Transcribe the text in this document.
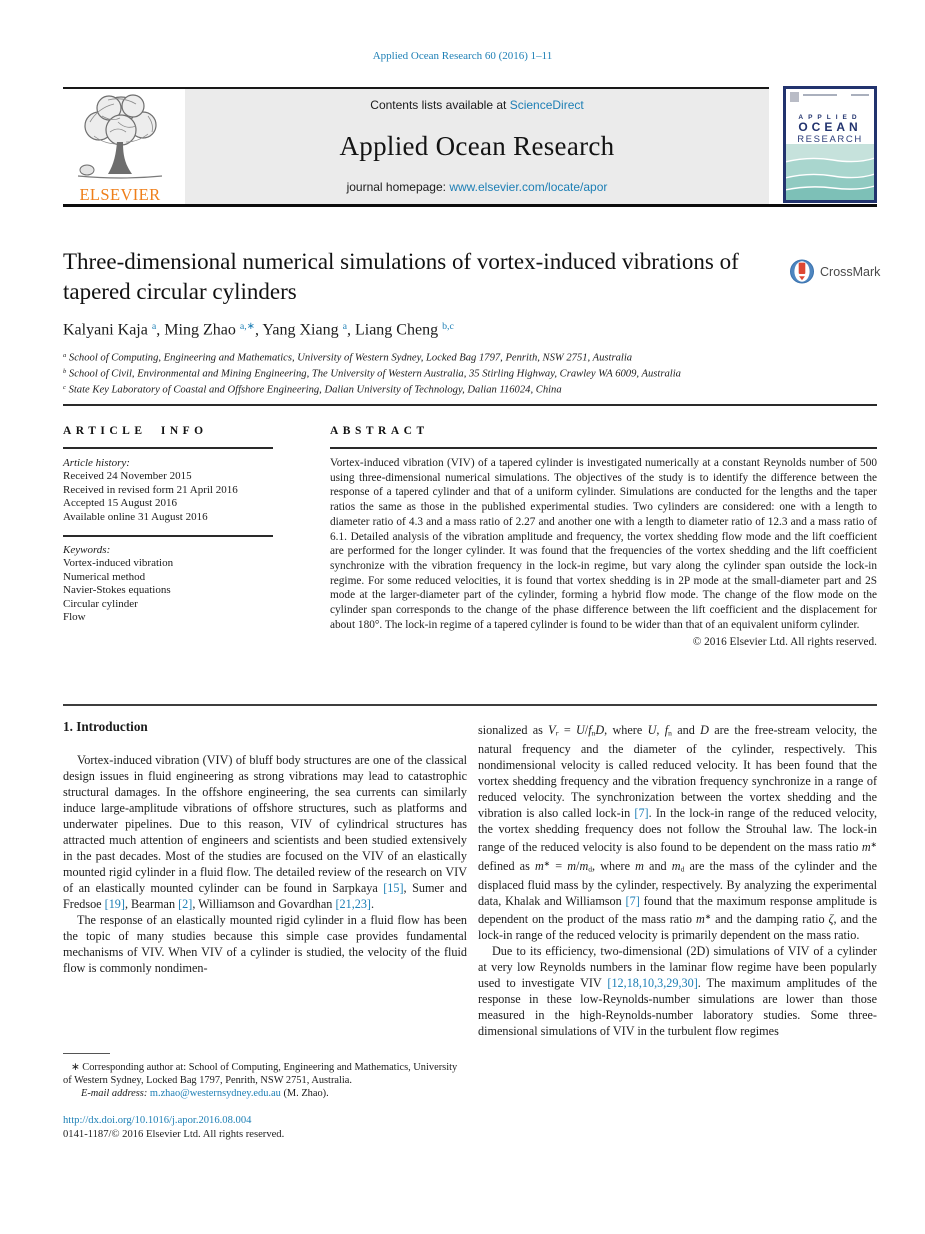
Applied Ocean Research 60 (2016) 1–11
ELSEVIER
Contents lists available at ScienceDirect
Applied Ocean Research
journal homepage: www.elsevier.com/locate/apor
APPLIED
OCEAN
RESEARCH
Three-dimensional numerical simulations of vortex-induced vibrations of tapered circular cylinders
CrossMark
Kalyani Kaja $^a$, Ming Zhao $^{a,∗}$, Yang Xiang $^a$, Liang Cheng $^{b,c}$

$^a$ School of Computing, Engineering and Mathematics, University of Western Sydney, Locked Bag 1797, Penrith, NSW 2751, Australia

$^b$ School of Civil, Environmental and Mining Engineering, The University of Western Australia, 35 Stirling Highway, Crawley WA 6009, Australia

$^c$ State Key Laboratory of Coastal and Offshore Engineering, Dalian University of Technology, Dalian 116024, China

ARTICLE INFO

Article history:

Received 24 November 2015

Received in revised form 21 April 2016

Accepted 15 August 2016

Available online 31 August 2016

Keywords:

Vortex-induced vibration

Numerical method

Navier-Stokes equations

Circular cylinder

Flow

ABSTRACT
Vortex-induced vibration (VIV) of a tapered cylinder is investigated numerically at a constant Reynolds number of 500 using three-dimensional numerical simulations. The objectives of the study is to identify the difference between the response of a tapered cylinder and that of a uniform cylinder. Simulations are conducted for the lengths and the taper ratios the same as those in the published experimental studies. Two cylinders are considered: one with a length to diameter ratio of 4.3 and a mass ratio of 2.27 and another one with a length to diameter ratio of 12.3 and a mass ratio of 6.1. Detailed analysis of the vibration amplitude and frequency, the vortex shedding flow mode and the lift coefficient are performed for the longer cylinder. It was found that the frequencies of the vortex shedding and the lift coefficient synchronize with the vibration frequency in the lock-in regime, but vary along the cylinder span outside the lock-in regime. For some reduced velocities, it is found that vortex shedding is in 2P mode at the small-diameter part and 2S mode at the larger-diameter part of the cylinder, forming a hybrid flow mode. The change of the flow mode on the cylinder span corresponds to the change of the phase difference between the lift coefficient and the displacement for about 180°. The lock-in regime of a tapered cylinder is found to be wider than that of an equivalent uniform cylinder.
© 2016 Elsevier Ltd. All rights reserved.

1. Introduction

Vortex-induced vibration (VIV) of bluff body structures are one of the classical design issues in fluid engineering as strong vibrations may lead to catastrophic structural damages. In the offshore engineering, the sea currents can similarly induce large-amplitude vibrations of offshore structures, such as platforms and underwater pipelines. Due to this reason, VIV of cylindrical structures has attracted much attention of engineers and scientists and been studied extensively in the past decades. Most of the studies are focused on the VIV of an elastically mounted rigid cylinder in a fluid flow. The detailed review of the research on VIV of an elastically mounted cylinder can be found in Sarpkaya [15], Sumer and Fredsoe [19], Bearman [2], Williamson and Govardhan [21,23].

The response of an elastically mounted rigid cylinder in a fluid flow has been the topic of many studies because this simple case provides fundamental mechanisms of VIV. When VIV of a cylinder is studied, the velocity of the fluid flow is commonly nondimen-

sionalized as Vr = U/fnD, where U, fn and D are the free-stream velocity, the natural frequency and the diameter of the cylinder, respectively. This nondimensional velocity is called reduced velocity. It has been found that the vortex shedding frequency and the vibration frequency synchronize in a range of reduced velocity. The synchronization between the vortex shedding and the vibration is also called lock-in [7]. In the lock-in range of the reduced velocity, the vortex shedding frequency does not follow the Strouhal law. The lock-in range of the reduced velocity is also found to be dependent on the mass ratio m∗ defined as m∗ = m/md, where m and md are the mass of the cylinder and the displaced fluid mass by the cylinder, respectively. By analyzing the experimental data, Khalak and Williamson [7] found that the maximum response amplitude is dependent on the product of the mass ratio m∗ and the damping ratio ζ, and the lock-in range of the reduced velocity is primarily dependent on the mass ratio.

Due to its efficiency, two-dimensional (2D) simulations of VIV of a cylinder at very low Reynolds numbers in the laminar flow regime have been popularly used to investigate VIV [12,18,10,3,29,30]. The maximum amplitudes of the response in these low-Reynolds-number simulations are lower than those measured in the high-Reynolds-number laboratory studies. Some three-dimensional simulations of VIV in the turbulent flow regimes

∗ Corresponding author at: School of Computing, Engineering and Mathematics, University of Western Sydney, Locked Bag 1797, Penrith, NSW 2751, Australia.

E-mail address: m.zhao@westernsydney.edu.au (M. Zhao).

http://dx.doi.org/10.1016/j.apor.2016.08.004

0141-1187/© 2016 Elsevier Ltd. All rights reserved.
